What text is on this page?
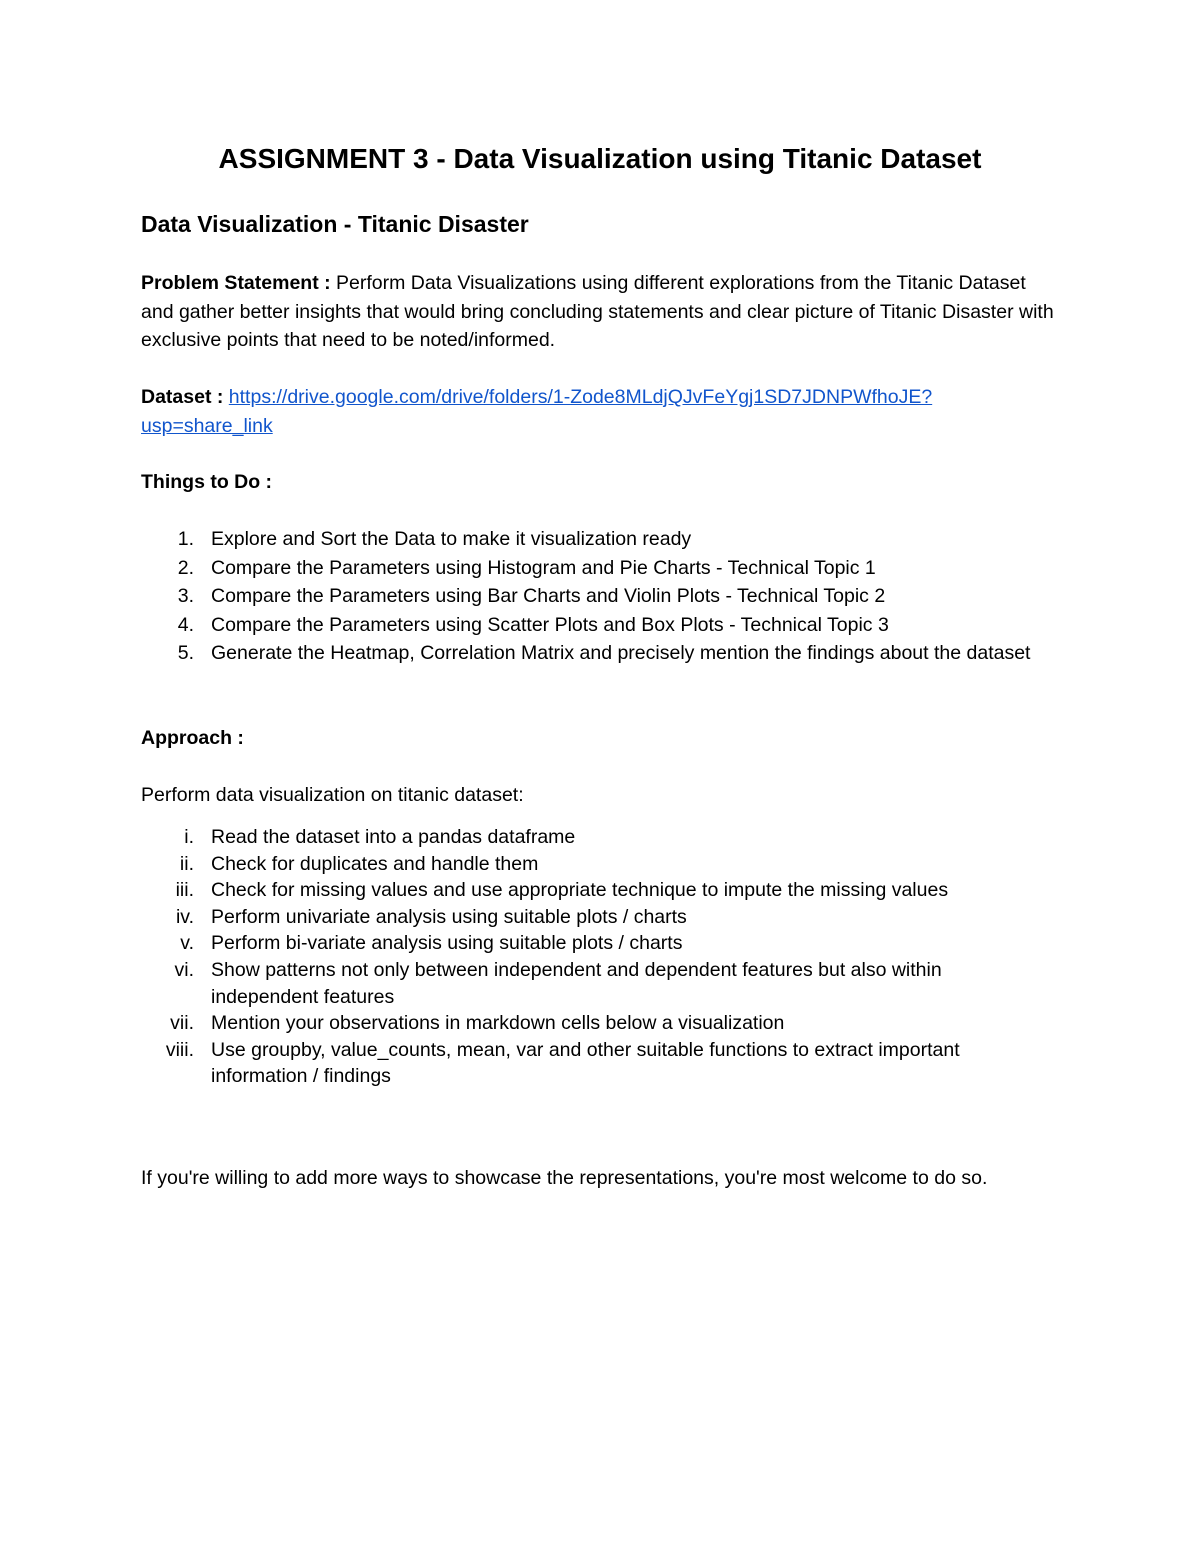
ASSIGNMENT 3 - Data Visualization using Titanic Dataset
Data Visualization - Titanic Disaster

Problem Statement : Perform Data Visualizations using different explorations from the Titanic Dataset and gather better insights that would bring concluding statements and clear picture of Titanic Disaster with exclusive points that need to be noted/informed.

Dataset : https://drive.google.com/drive/folders/1-Zode8MLdjQJvFeYgj1SD7JDNPWfhoJE?
usp=share_link

Things to Do :

1. Explore and Sort the Data to make it visualization ready
2. Compare the Parameters using Histogram and Pie Charts - Technical Topic 1
3. Compare the Parameters using Bar Charts and Violin Plots - Technical Topic 2
4. Compare the Parameters using Scatter Plots and Box Plots - Technical Topic 3
5. Generate the Heatmap, Correlation Matrix and precisely mention the findings about the dataset

Approach :

Perform data visualization on titanic dataset:

i. Read the dataset into a pandas dataframe
ii. Check for duplicates and handle them
iii. Check for missing values and use appropriate technique to impute the missing values
iv. Perform univariate analysis using suitable plots / charts
v. Perform bi-variate analysis using suitable plots / charts
vi. Show patterns not only between independent and dependent features but also within independent features
vii. Mention your observations in markdown cells below a visualization
viii. Use groupby, value_counts, mean, var and other suitable functions to extract important information / findings

If you're willing to add more ways to showcase the representations, you're most welcome to do so.
